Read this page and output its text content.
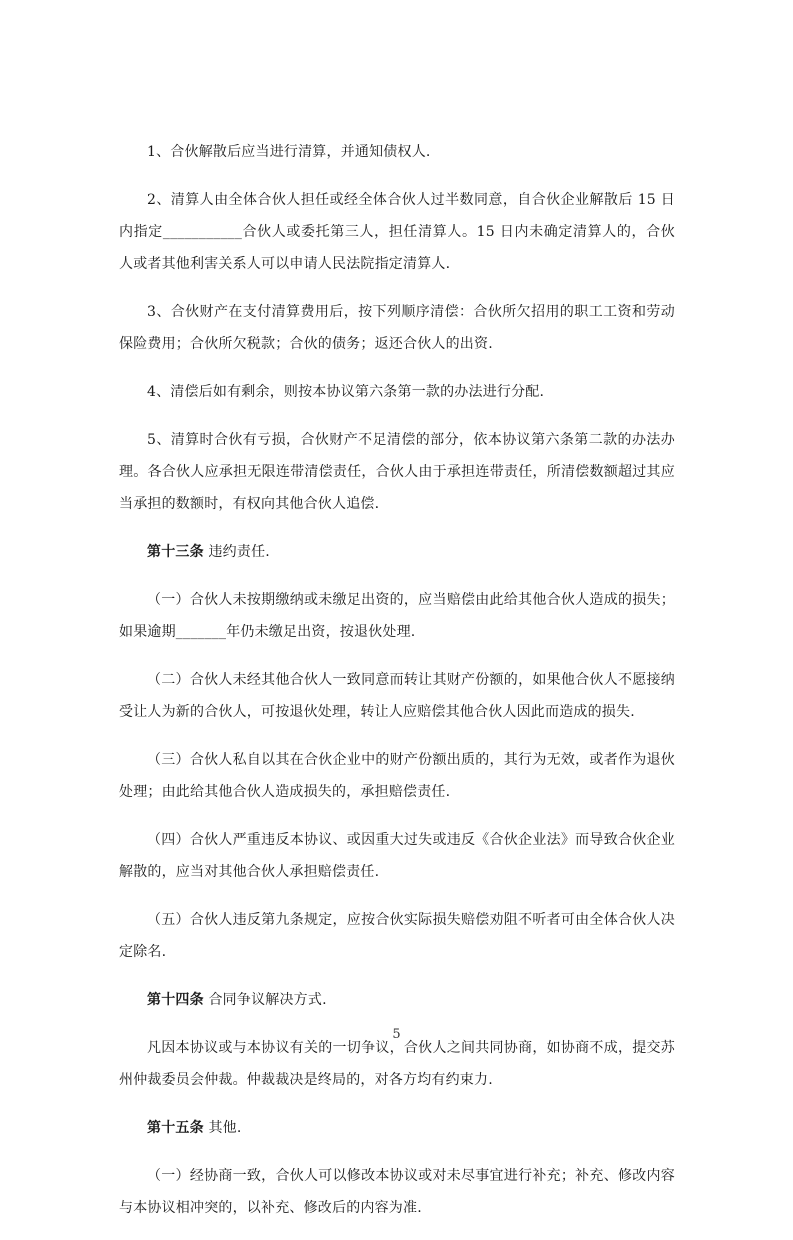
1、合伙解散后应当进行清算，并通知债权人.

2、清算人由全体合伙人担任或经全体合伙人过半数同意，自合伙企业解散后 15 日内指定___________合伙人或委托第三人，担任清算人。15 日内未确定清算人的，合伙人或者其他利害关系人可以申请人民法院指定清算人.

3、合伙财产在支付清算费用后，按下列顺序清偿：合伙所欠招用的职工工资和劳动保险费用；合伙所欠税款；合伙的债务；返还合伙人的出资.

4、清偿后如有剩余，则按本协议第六条第一款的办法进行分配.

5、清算时合伙有亏损，合伙财产不足清偿的部分，依本协议第六条第二款的办法办理。各合伙人应承担无限连带清偿责任，合伙人由于承担连带责任，所清偿数额超过其应当承担的数额时，有权向其他合伙人追偿.

第十三条 违约责任.

（一）合伙人未按期缴纳或未缴足出资的，应当赔偿由此给其他合伙人造成的损失；如果逾期_______年仍未缴足出资，按退伙处理.

（二）合伙人未经其他合伙人一致同意而转让其财产份额的，如果他合伙人不愿接纳受让人为新的合伙人，可按退伙处理，转让人应赔偿其他合伙人因此而造成的损失.

（三）合伙人私自以其在合伙企业中的财产份额出质的，其行为无效，或者作为退伙处理；由此给其他合伙人造成损失的，承担赔偿责任.

（四）合伙人严重违反本协议、或因重大过失或违反《合伙企业法》而导致合伙企业解散的，应当对其他合伙人承担赔偿责任.

（五）合伙人违反第九条规定，应按合伙实际损失赔偿劝阻不听者可由全体合伙人决定除名.

第十四条 合同争议解决方式.

凡因本协议或与本协议有关的一切争议，合伙人之间共同协商，如协商不成，提交苏州仲裁委员会仲裁。仲裁裁决是终局的，对各方均有约束力.

第十五条 其他.

（一）经协商一致，合伙人可以修改本协议或对未尽事宜进行补充；补充、修改内容与本协议相冲突的，以补充、修改后的内容为准.

5
